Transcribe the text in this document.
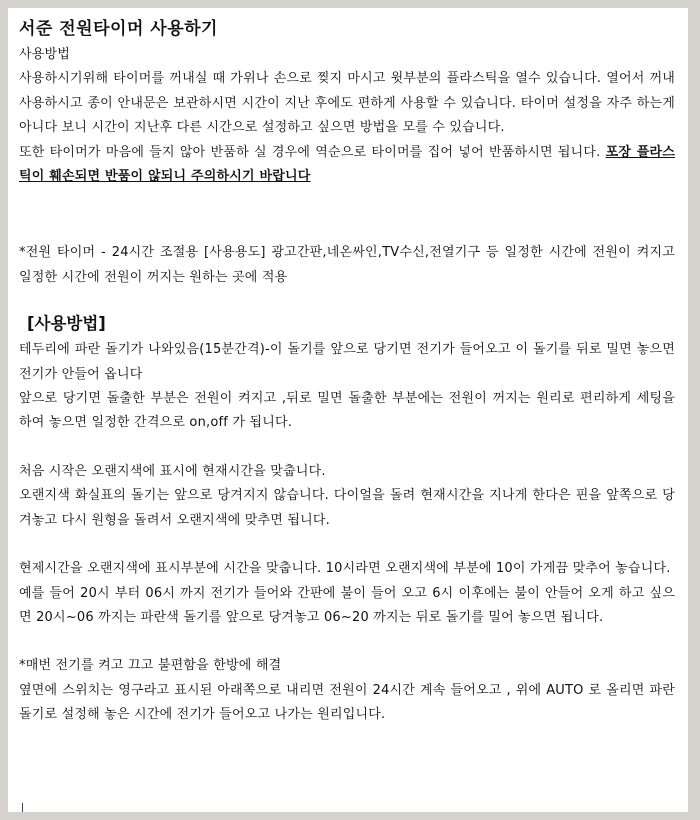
서준 전원타이머 사용하기

사용방법

사용하시기위해 타이머를 꺼내실 때 가위나 손으로 찢지 마시고 윗부분의 플라스틱을 열수 있습니다. 열어서 꺼내 사용하시고 종이 안내문은 보관하시면 시간이 지난 후에도 편하게 사용할 수 있습니다. 타이머 설정을 자주 하는게 아니다 보니 시간이 지난후 다른 시간으로 설정하고 싶으면 방법을 모를 수 있습니다.

또한 타이머가 마음에 들지 않아 반품하 실 경우에 역순으로 타이머를 집어 넣어 반품하시면 됩니다. 포장 플라스틱이 훼손되면 반품이 않되니 주의하시기 바랍니다

*전원 타이머 - 24시간 조절용 [사용용도] 광고간판,네온싸인,TV수신,전열기구 등 일정한 시간에 전원이 켜지고 일정한 시간에 전원이 꺼지는 원하는 곳에 적용

[사용방법]

테두리에 파란 돌기가 나와있음(15분간격)-이 돌기를 앞으로 당기면 전기가 들어오고 이 돌기를 뒤로 밀면 놓으면 전기가 안들어 옵니다

앞으로 당기면 돌출한 부분은 전원이 켜지고 ,뒤로 밀면 돌출한 부분에는 전원이 꺼지는 원리로 편리하게 세팅을 하여 놓으면 일정한 간격으로 on,off 가 됩니다.

처음 시작은 오랜지색에 표시에 현재시간을 맞춥니다.

오랜지색 화실표의 돌기는 앞으로 당겨지지 않습니다. 다이얼을 돌려 현재시간을 지나게 한다은 핀을 앞쪽으로 당겨놓고 다시 원형을 돌려서 오랜지색에 맞추면 됩니다.

현제시간을 오랜지색에 표시부분에 시간을 맞춥니다. 10시라면 오랜지색에 부분에 10이 가게끔 맞추어 놓습니다.

예를 들어 20시 부터 06시 까지 전기가 들어와 간판에 불이 들어 오고 6시 이후에는 불이 안들어 오게 하고 싶으면 20시~06 까지는 파란색 돌기를 앞으로 당겨놓고 06~20 까지는 뒤로 돌기를 밀어 놓으면 됩니다.

*매번 전기를 켜고 끄고 불편함을 한방에 해결

옆면에 스위치는 영구라고 표시된 아래쪽으로 내리면 전원이 24시간 계속 들어오고 , 위에 AUTO 로 올리면 파란 돌기로 설정해 놓은 시간에 전기가 들어오고 나가는 원리입니다.
